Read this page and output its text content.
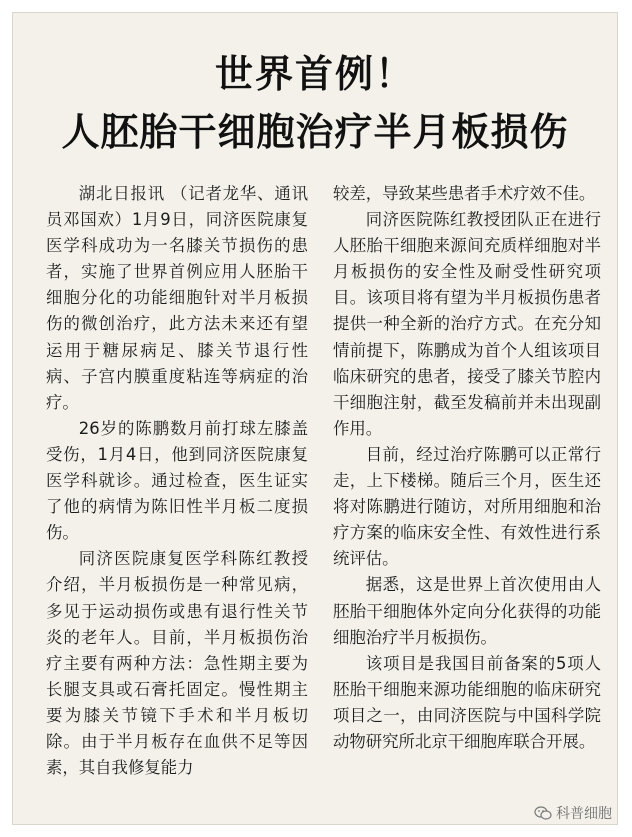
世界首例！
人胚胎干细胞治疗半月板损伤

湖北日报讯 （记者龙华、通讯员邓国欢）1月9日，同济医院康复医学科成功为一名膝关节损伤的患者，实施了世界首例应用人胚胎干细胞分化的功能细胞针对半月板损伤的微创治疗，此方法未来还有望运用于糖尿病足、膝关节退行性病、子宫内膜重度粘连等病症的治疗。

26岁的陈鹏数月前打球左膝盖受伤，1月4日，他到同济医院康复医学科就诊。通过检查，医生证实了他的病情为陈旧性半月板二度损伤。

同济医院康复医学科陈红教授介绍，半月板损伤是一种常见病，多见于运动损伤或患有退行性关节炎的老年人。目前，半月板损伤治疗主要有两种方法：急性期主要为长腿支具或石膏托固定。慢性期主要为膝关节镜下手术和半月板切除。由于半月板存在血供不足等因素，其自我修复能力

较差，导致某些患者手术疗效不佳。

同济医院陈红教授团队正在进行人胚胎干细胞来源间充质样细胞对半月板损伤的安全性及耐受性研究项目。该项目将有望为半月板损伤患者提供一种全新的治疗方式。在充分知情前提下，陈鹏成为首个人组该项目临床研究的患者，接受了膝关节腔内干细胞注射，截至发稿前并未出现副作用。

目前，经过治疗陈鹏可以正常行走，上下楼梯。随后三个月，医生还将对陈鹏进行随访，对所用细胞和治疗方案的临床安全性、有效性进行系统评估。

据悉，这是世界上首次使用由人胚胎干细胞体外定向分化获得的功能细胞治疗半月板损伤。

该项目是我国目前备案的5项人胚胎干细胞来源功能细胞的临床研究项目之一，由同济医院与中国科学院动物研究所北京干细胞库联合开展。

科普细胞
